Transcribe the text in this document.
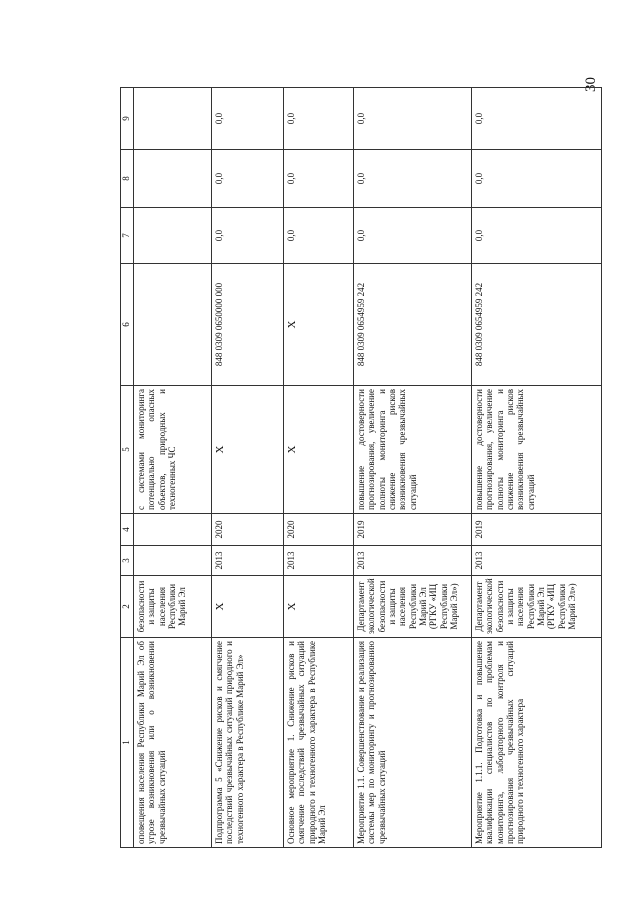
30
1	2	3	4	5	6	7	8	9
оповещения населения Республики Марий Эл об угрозе возникновения или о возникновении чрезвычайных ситуаций	безопасности и защиты населения Республики Марий Эл			с системами мониторинга потенциально опасных объектов, природных и техногенных ЧС				
Подпрограмма 5 «Снижение рисков и смягчение последствий чрезвычайных ситуаций природного и техногенного характера в Республике Марий Эл»	Х	2013	2020	Х	848 0309 0650000 000	0,0	0,0	0,0
Основное мероприятие 1. Снижение рисков и смягчение последствий чрезвычайных ситуаций природного и техногенного характера в Республике Марий Эл	Х	2013	2020	Х	Х	0,0	0,0	0,0
Мероприятие 1.1. Совершенствование и реализация системы мер по мониторингу и прогнозированию чрезвычайных ситуаций	Департамент экологической безопасности и защиты населения Республики Марий Эл (РГКУ «ИЦ Республики Марий Эл»)	2013	2019	повышение достоверности прогнозирования, увеличение полноты мониторинга и снижение рисков возникновения чрезвычайных ситуаций	848 0309 0654959 242	0,0	0,0	0,0
Мероприятие 1.1.1. Подготовка и повышение квалификации специалистов по проблемам мониторинга, лабораторного контроля и прогнозирования чрезвычайных ситуаций природного и техногенного характера	Департамент экологической безопасности и защиты населения Республики Марий Эл (РГКУ «ИЦ Республики Марий Эл»)	2013	2019	повышение достоверности прогнозирования, увеличение полноты мониторинга и снижение рисков возникновения чрезвычайных ситуаций	848 0309 0654959 242	0,0	0,0	0,0
